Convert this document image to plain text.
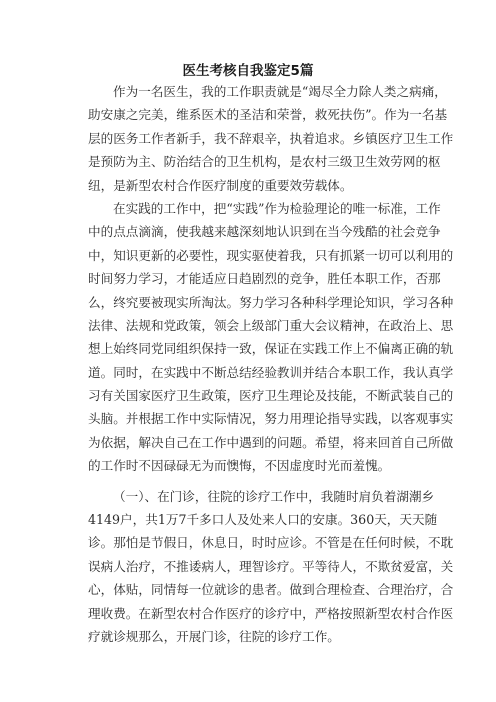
医生考核自我鉴定5篇
作为一名医生，我的工作职责就是“竭尽全力除人类之病痛，
助安康之完美，维系医术的圣洁和荣誉，救死扶伤”。作为一名基
层的医务工作者新手，我不辞艰辛，执着追求。乡镇医疗卫生工作
是预防为主、防治结合的卫生机构，是农村三级卫生效劳网的枢
纽，是新型农村合作医疗制度的重要效劳载体。
在实践的工作中，把“实践”作为检验理论的唯一标准，工作
中的点点滴滴，使我越来越深刻地认识到在当今残酷的社会竞争
中，知识更新的必要性，现实驱使着我，只有抓紧一切可以利用的
时间努力学习，才能适应日趋剧烈的竞争，胜任本职工作，否那
么，终究要被现实所淘汰。努力学习各种科学理论知识，学习各种
法律、法规和党政策，领会上级部门重大会议精神，在政治上、思
想上始终同党同组织保持一致，保证在实践工作上不偏离正确的轨
道。同时，在实践中不断总结经验教训并结合本职工作，我认真学
习有关国家医疗卫生政策，医疗卫生理论及技能，不断武装自己的
头脑。并根据工作中实际情况，努力用理论指导实践，以客观事实
为依据，解决自己在工作中遇到的问题。希望，将来回首自己所做
的工作时不因碌碌无为而懊悔，不因虚度时光而羞愧。
（一）、在门诊，往院的诊疗工作中，我随时肩负着湖潮乡
4149户，共1万7千多口人及处来人口的安康。360天，天天随
诊。那怕是节假日，休息日，时时应诊。不管是在任何时候，不耽
误病人治疗，不推诿病人，理智诊疗。平等待人，不欺贫爱富，关
心，体贴，同情每一位就诊的患者。做到合理检查、合理治疗，合
理收费。在新型农村合作医疗的诊疗中，严格按照新型农村合作医
疗就诊规那么，开展门诊，往院的诊疗工作。
